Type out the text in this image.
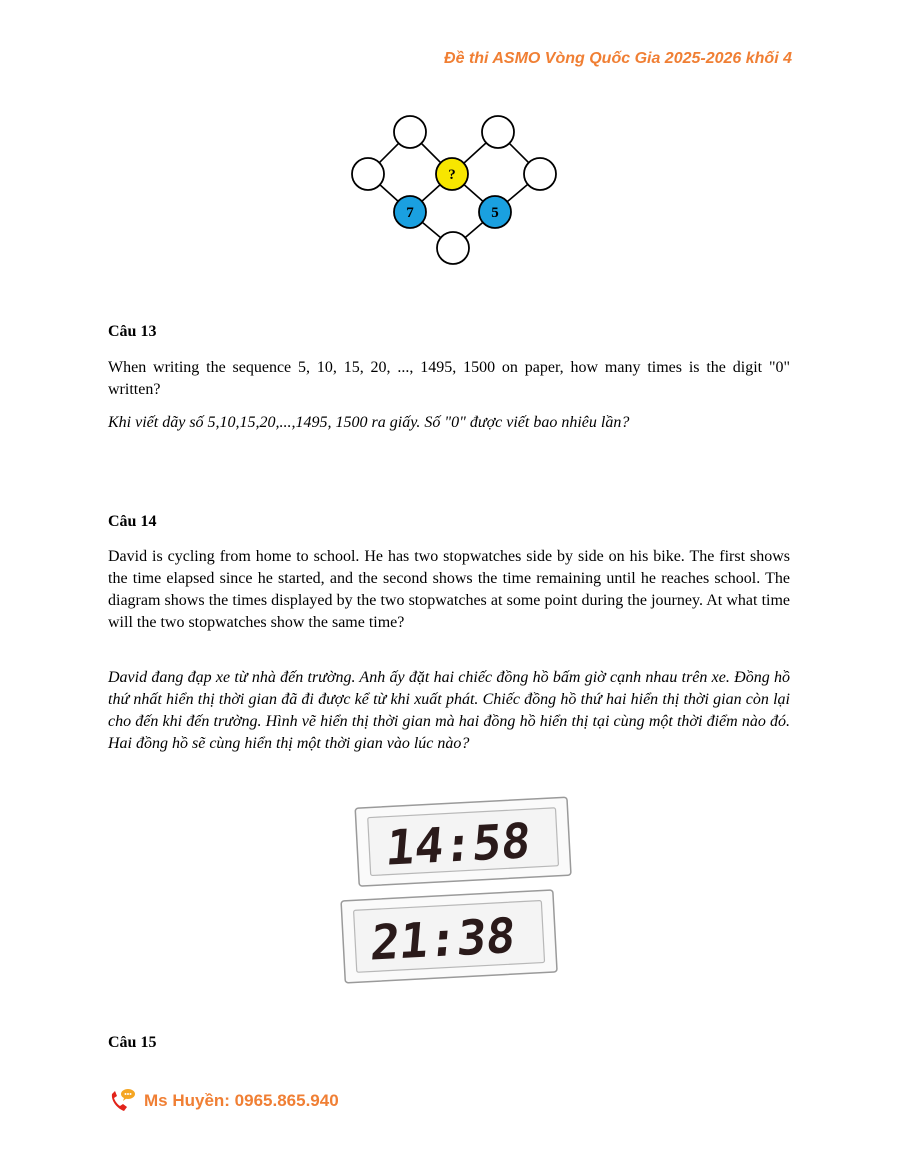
Đề thi ASMO Vòng Quốc Gia 2025-2026 khối 4
?
7	5
Câu 13

When writing the sequence 5, 10, 15, 20, ..., 1495, 1500 on paper, how many times is the digit "0" written?

Khi viết dãy số 5,10,15,20,...,1495, 1500 ra giấy. Số "0" được viết bao nhiêu lần?

Câu 14

David is cycling from home to school. He has two stopwatches side by side on his bike. The first shows the time elapsed since he started, and the second shows the time remaining until he reaches school. The diagram shows the times displayed by the two stopwatches at some point during the journey. At what time will the two stopwatches show the same time?

David đang đạp xe từ nhà đến trường. Anh ấy đặt hai chiếc đồng hồ bấm giờ cạnh nhau trên xe. Đồng hồ thứ nhất hiển thị thời gian đã đi được kể từ khi xuất phát. Chiếc đồng hồ thứ hai hiển thị thời gian còn lại cho đến khi đến trường. Hình vẽ hiển thị thời gian mà hai đồng hồ hiển thị tại cùng một thời điểm nào đó. Hai đồng hồ sẽ cùng hiển thị một thời gian vào lúc nào?

14:58
21:38
Câu 15
Ms Huyền: 0965.865.940
